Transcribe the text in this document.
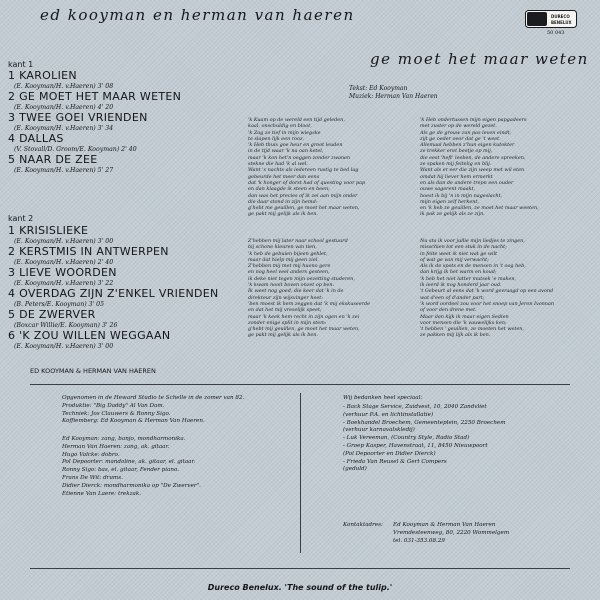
ed kooyman en herman van haeren	DURECO
BENELUX
50 043
ge moet het maar weten
kant 1
1 KAROLIEN
(E. Kooyman/H. v.Haeren) 3' 08
2 GE MOET HET MAAR WETEN
(E. Kooyman/H. v.Haeren) 4' 20
3 TWEE GOEI VRIENDEN
(E. Kooyman/H. v.Haeren) 3' 34
4 DALLAS
(V. Stovall/D. Groom/E. Kooyman) 2' 40
5 NAAR DE ZEE
(E. Kooyman/H. v.Haeren) 5' 27
kant 2
1 KRISISLIEKE
(E. Kooyman/H. v.Haeren) 3' 00
2 KERSTMIS IN ANTWERPEN
(E. Kooyman/H. v.Haeren) 2' 40
3 LIEVE WOORDEN
(E. Kooyman/H. v.Haeren) 3' 22
4 OVERDAG ZIJN Z'ENKEL VRIENDEN
(B. Peters/E. Kooyman) 3' 05
5 DE ZWERVER
(Boxcar Willie/E. Kooyman) 3' 26
6 'K ZOU WILLEN WEGGAAN
(E. Kooyman/H. v.Haeren) 3' 00
ED KOOYMAN & HERMAN VAN HAEREN
Tekst: Ed Kooyman
Muziek: Herman Van Haeren
'k Kuam op de wereld een tijd geleden,
kaal, onschuldig en bloot,
'k Zag zo tief in mijn wiegske
te slapen lijk een rooz.
'k Heb thuis goe heur en groot leuden
in de tijd waar 'k na oan ketel,
maar 'k kon het'n oeggen zonder zwanen
stekne die had 'k al wel.
Want 's nachts als iedereen rustig te bed lag
gebeurde het meer dan eens
dat 'k honger of dorst had of questing voor pap
en dan klaagde ik steen en been;
dan was het precies of ik zei aan mijn onder
die daar stond in zijn hemd:
g'hebt me geuillen, ge moet het maar weten,
ge pakt mij gelijk als ik ben.
'k Heb ondertussen mijn eigen papgadeers
met zuster op de wereld gezet.
Als ge de grouw zun pas leven eindt,
zijt ge oeder oeor dat ge 't weet.
Allemaal hebben z'hun eigen kutokter
ze trekker eret beetje op mij,
die eest 'heft' leeben, de andere spreeken,
ze spaken mij feitelig en blij.
Want als er eer die zijn weep met wil eten
omdat hij liever hem ermerkt
en als dan de andere trepn een ouder
ouwe sagerent maakt,
hoest ik bij 'n in mijn nageslacht,
mijn eigen zelf herkent,
en 'k heb ze geuillen, ze moet het maar weeten,
ik pak ze gelijk als ze zijn.
Z'hebben mij later naar school gestuurd
bij schone kleuren van tien,
'k heb de gebuien bijeen gehlet,
maar dat hielp mij geen ziel.
Z'hebben mij met mij huono gere
en nog heel veel anders gesteen,
ik deke niet tegen mijn oezetting studeren,
'k kwam nooit boven onzet op ben.
Ik weet nog goed, die keer dat 'k in de
direkteur zijn wijsvinger heet:
'ben moest ik hem zeggen dat 'k mij ekskuseerde
en dat het mij vreselijk speet;
maar 'k keek hem recht in zijn ogen en 'k zei
zonder enige split in mijn stem:
g'hebt mij geuillen, ge moet het maar weten,
ge pakt mij gelijk als ik ben.
Nu sta ik voor jullie mijn liedjes te zingen,
misschien tot een stuk in de nacht;
in feite weet ik niet wat ge wilt
of wat ge van mij verwacht;
Als ik de spots en de mensen in 't oog heb,
dan krijg ik het warm en koud;
'k heb het niet latter mutsek 'e maken,
ik ieerd ik nog honderd jaar oud.
't Gebeurt al eens dat 'k word gevraagd op een avond
wat d'een of d'ander part;
'k word oordeel zou voor het snoep van Jeron Ivonnan
of voor den drene met.
Maar dan kijk ik maar eigen Sedien
voor mensen die 'k vauwelijks ken;
't hebben ' geuillen, ze moeten het weten,
ze pakken mij lijk als ik ben.
Opgenomen in de Heward Studio te Schelle in de zomer van 82.
Produktie: "Big Daddy" Al Van Dam.
Techniek: Jos Clauwers & Ronny Sigo.
Koffiemberg: Ed Kooyman & Herman Van Haeren.
Ed Kooyman: zang, banjo, mondharmonika.
Herman Van Haeren: zang, ak. gitaar.
Hugo Valcke: dobro.
Pol Depoorter: mandoline, ak. gitaar, el. gitaar.
Ronny Sigo: bas, el. gitaar, Fender piano.
Frans De Wit: drums.
Didier Dierck: mondharmonika op "De Zwerver".
Etienne Van Laere: trekzak.
Wij bedanken heel speciaal:
- Back Stage Service, Zuidvest, 10, 2040 Zandvliet
(verhuur P.A. en lichtinstallatie)
- Boekhandel Broechem, Gemeenteplein, 2250 Broechem
(verhuur karnavalskledij)
- Luk Vereeman, (Country Style, Radio Stad)
- Groep Kasper, Havenstraat, 11, 8450 Nieuwpoort
(Pol Depoorter en Didier Dierck)
- Frieda Van Reusel & Gert Compers
(geduld)
Kontaktadres: Ed Kooyman & Herman Van Haeren
Vremdesteenweg, 80, 2220 Wommelgem
tel. 031-353.08.29
Dureco Benelux. 'The sound of the tulip.'
